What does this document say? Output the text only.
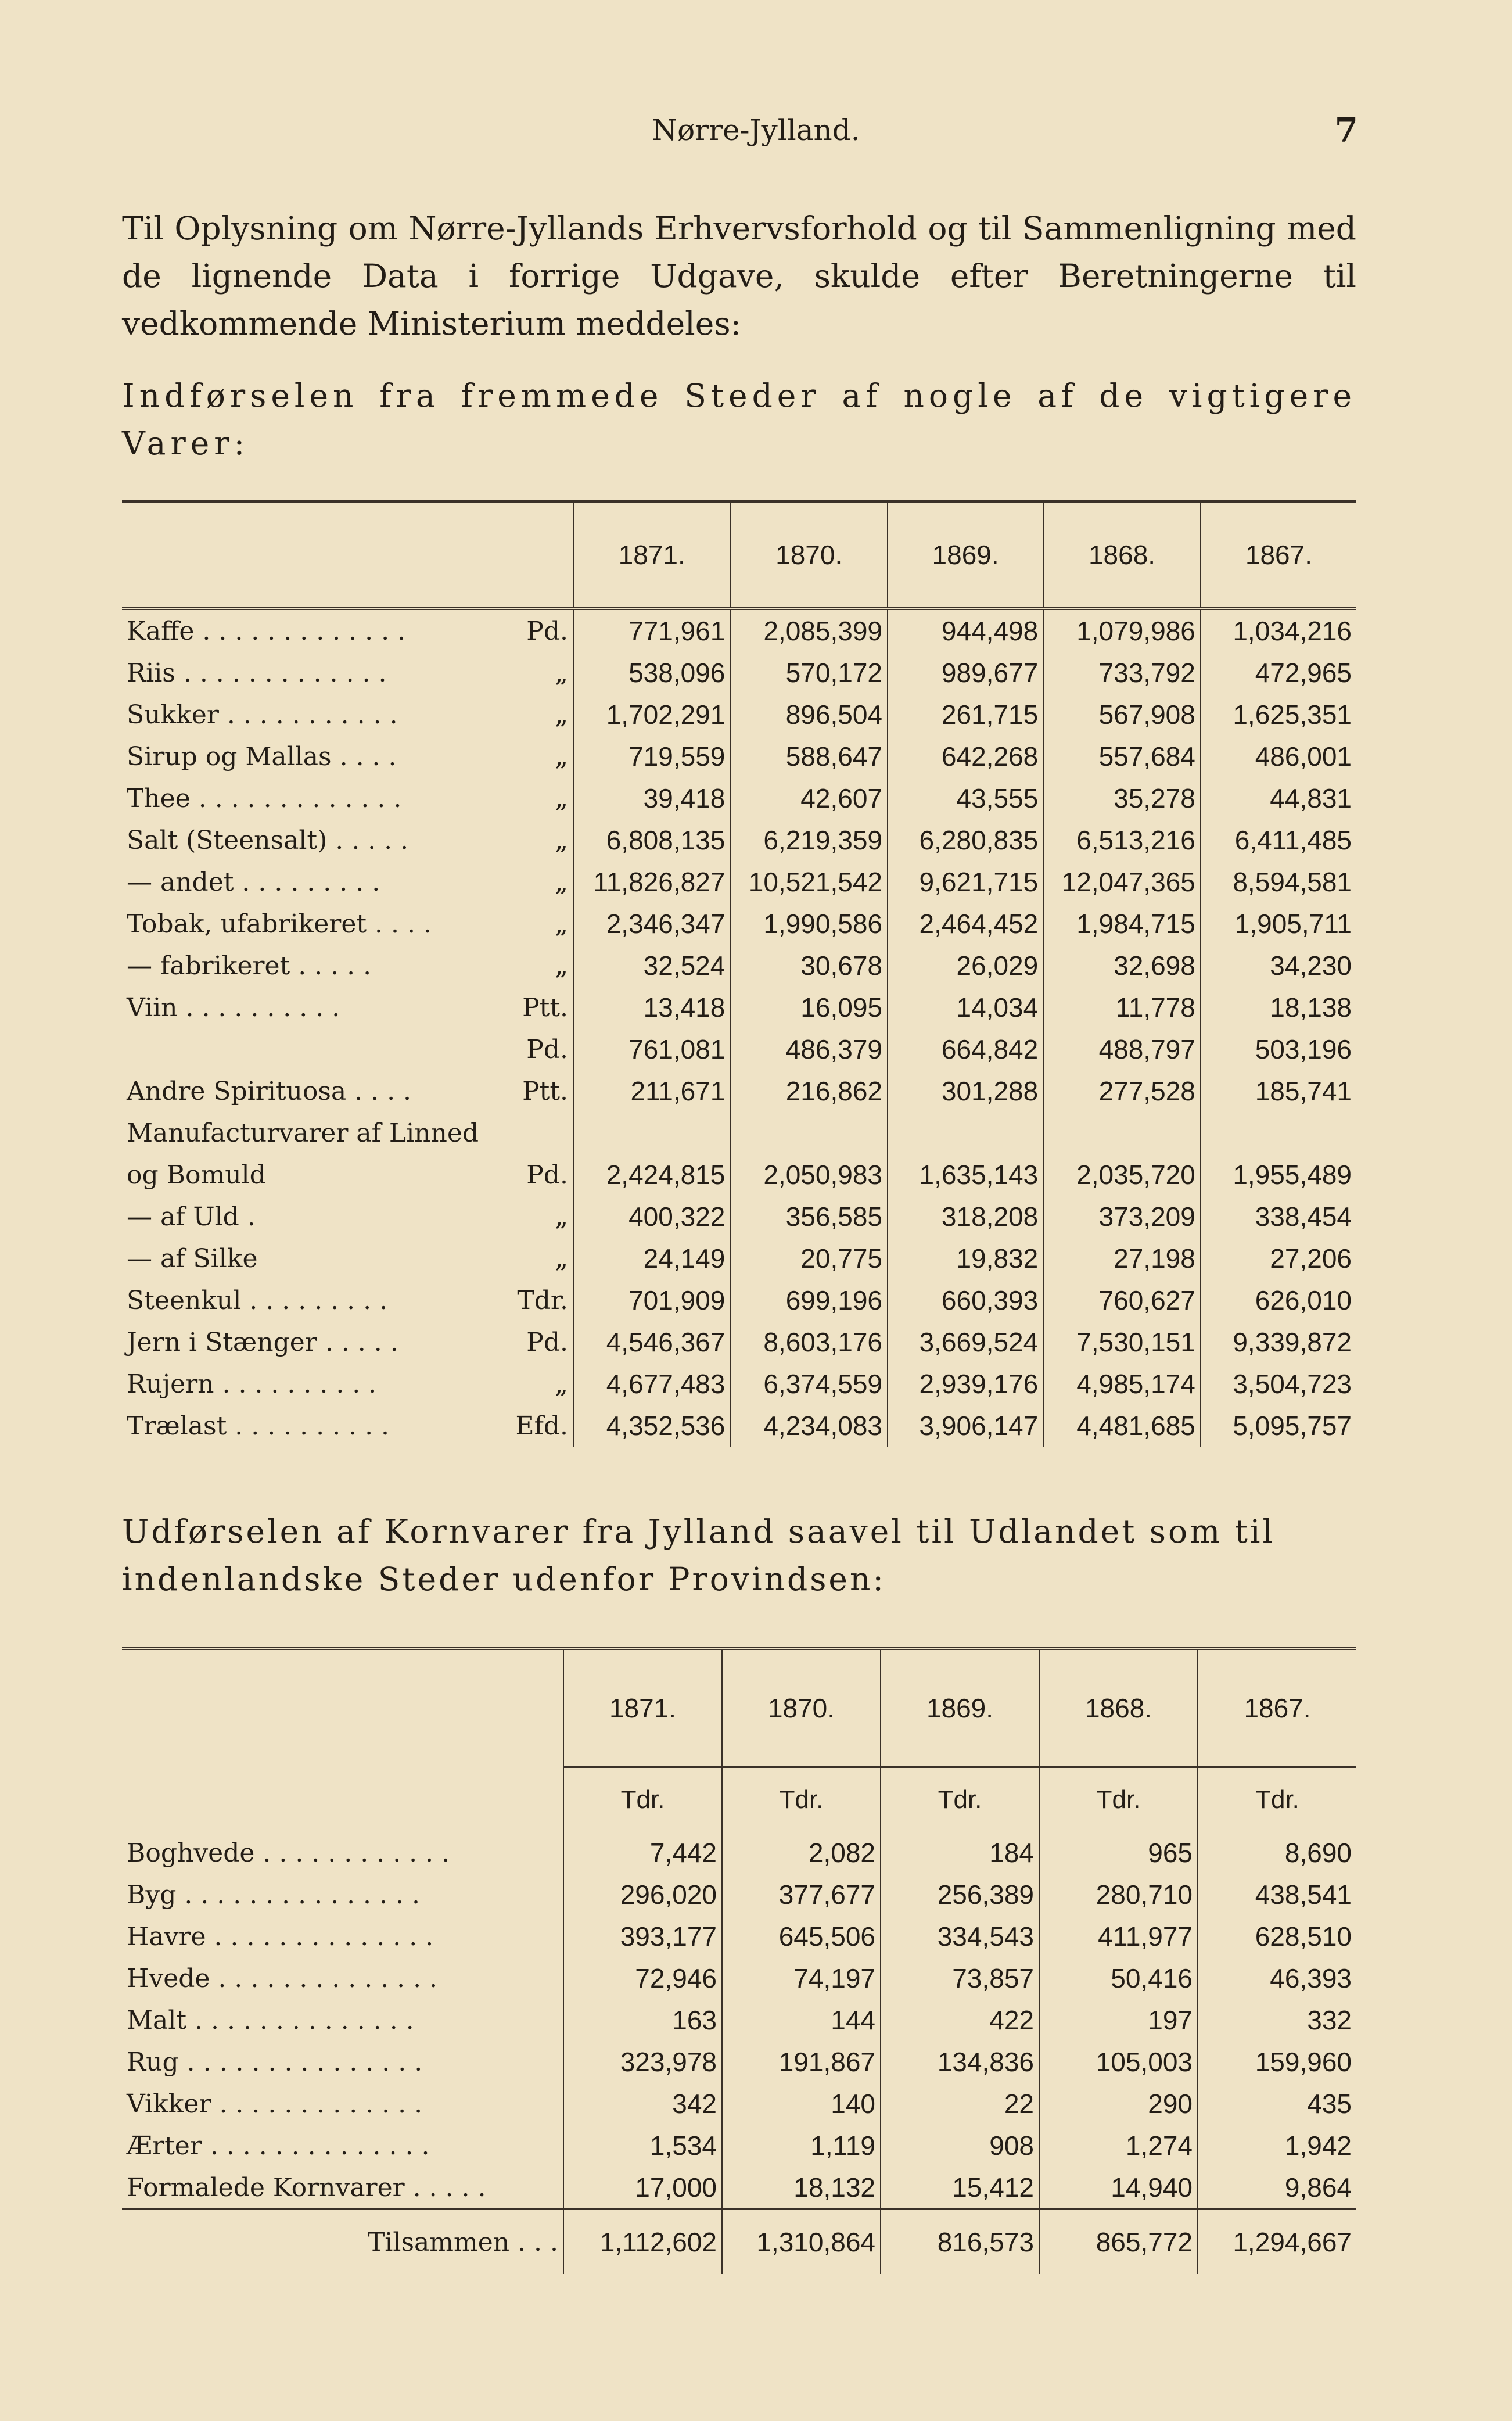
Nørre-Jylland.	7
Til Oplysning om Nørre-Jyllands Erhvervsforhold og til Sammenligning med de lignende Data i forrige Udgave, skulde efter Beretningerne til vedkommende Ministerium meddeles:
Indførselen fra fremmede Steder af nogle af de vigtigere Varer:
		1871.	1870.	1869.	1868.	1867.
Kaffe . . . . . . . . . . . . .	Pd.	771,961	2,085,399	944,498	1,079,986	1,034,216
Riis . . . . . . . . . . . . .	„	538,096	570,172	989,677	733,792	472,965
Sukker . . . . . . . . . . .	„	1,702,291	896,504	261,715	567,908	1,625,351
Sirup og Mallas . . . .	„	719,559	588,647	642,268	557,684	486,001
Thee . . . . . . . . . . . . .	„	39,418	42,607	43,555	35,278	44,831
Salt (Steensalt) . . . . .	„	6,808,135	6,219,359	6,280,835	6,513,216	6,411,485
— andet . . . . . . . . .	„	11,826,827	10,521,542	9,621,715	12,047,365	8,594,581
Tobak, ufabrikeret . . . .	„	2,346,347	1,990,586	2,464,452	1,984,715	1,905,711
— fabrikeret . . . . .	„	32,524	30,678	26,029	32,698	34,230
Viin . . . . . . . . . .	Ptt.	13,418	16,095	14,034	11,778	18,138
	Pd.	761,081	486,379	664,842	488,797	503,196
Andre Spirituosa . . . .	Ptt.	211,671	216,862	301,288	277,528	185,741
Manufacturvarer af Linned						
og Bomuld	Pd.	2,424,815	2,050,983	1,635,143	2,035,720	1,955,489
— af Uld .	„	400,322	356,585	318,208	373,209	338,454
— af Silke	„	24,149	20,775	19,832	27,198	27,206
Steenkul . . . . . . . . .	Tdr.	701,909	699,196	660,393	760,627	626,010
Jern i Stænger . . . . .	Pd.	4,546,367	8,603,176	3,669,524	7,530,151	9,339,872
Rujern . . . . . . . . . .	„	4,677,483	6,374,559	2,939,176	4,985,174	3,504,723
Trælast . . . . . . . . . .	Efd.	4,352,536	4,234,083	3,906,147	4,481,685	5,095,757
Udførselen af Kornvarer fra Jylland saavel til Udlandet som til indenlandske Steder udenfor Provindsen:
	1871.	1870.	1869.	1868.	1867.
	Tdr.	Tdr.	Tdr.	Tdr.	Tdr.
Boghvede . . . . . . . . . . . .	7,442	2,082	184	965	8,690
Byg . . . . . . . . . . . . . . .	296,020	377,677	256,389	280,710	438,541
Havre . . . . . . . . . . . . . .	393,177	645,506	334,543	411,977	628,510
Hvede . . . . . . . . . . . . . .	72,946	74,197	73,857	50,416	46,393
Malt . . . . . . . . . . . . . .	163	144	422	197	332
Rug . . . . . . . . . . . . . . .	323,978	191,867	134,836	105,003	159,960
Vikker . . . . . . . . . . . . .	342	140	22	290	435
Ærter . . . . . . . . . . . . . .	1,534	1,119	908	1,274	1,942
Formalede Kornvarer . . . . .	17,000	18,132	15,412	14,940	9,864
Tilsammen . . .	1,112,602	1,310,864	816,573	865,772	1,294,667
